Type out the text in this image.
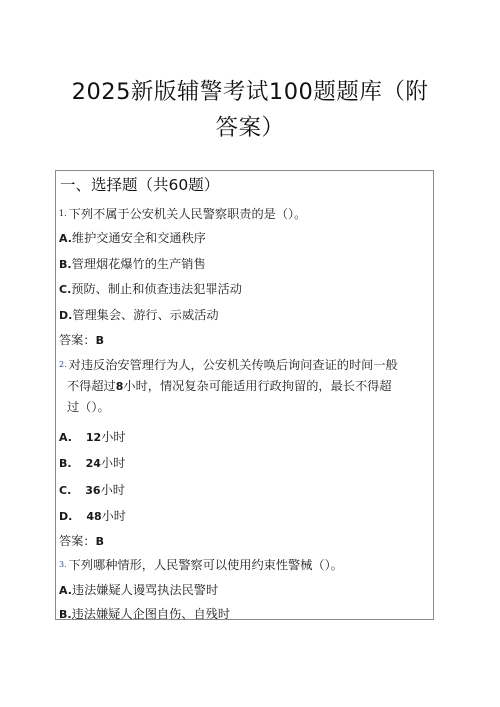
2025新版辅警考试100题题库（附
答案）
一、选择题（共60题）
1. 下列不属于公安机关人民警察职责的是（）。
A.维护交通安全和交通秩序
B.管理烟花爆竹的生产销售
C.预防、制止和侦查违法犯罪活动
D.管理集会、游行、示威活动
答案：B
2. 对违反治安管理行为人，公安机关传唤后询问查证的时间一般
不得超过8小时，情况复杂可能适用行政拘留的，最长不得超
过（）。
A. 12小时
B. 24小时
C. 36小时
D. 48小时
答案：B
3. 下列哪种情形，人民警察可以使用约束性警械（）。
A.违法嫌疑人谩骂执法民警时
B.违法嫌疑人企图自伤、自残时
